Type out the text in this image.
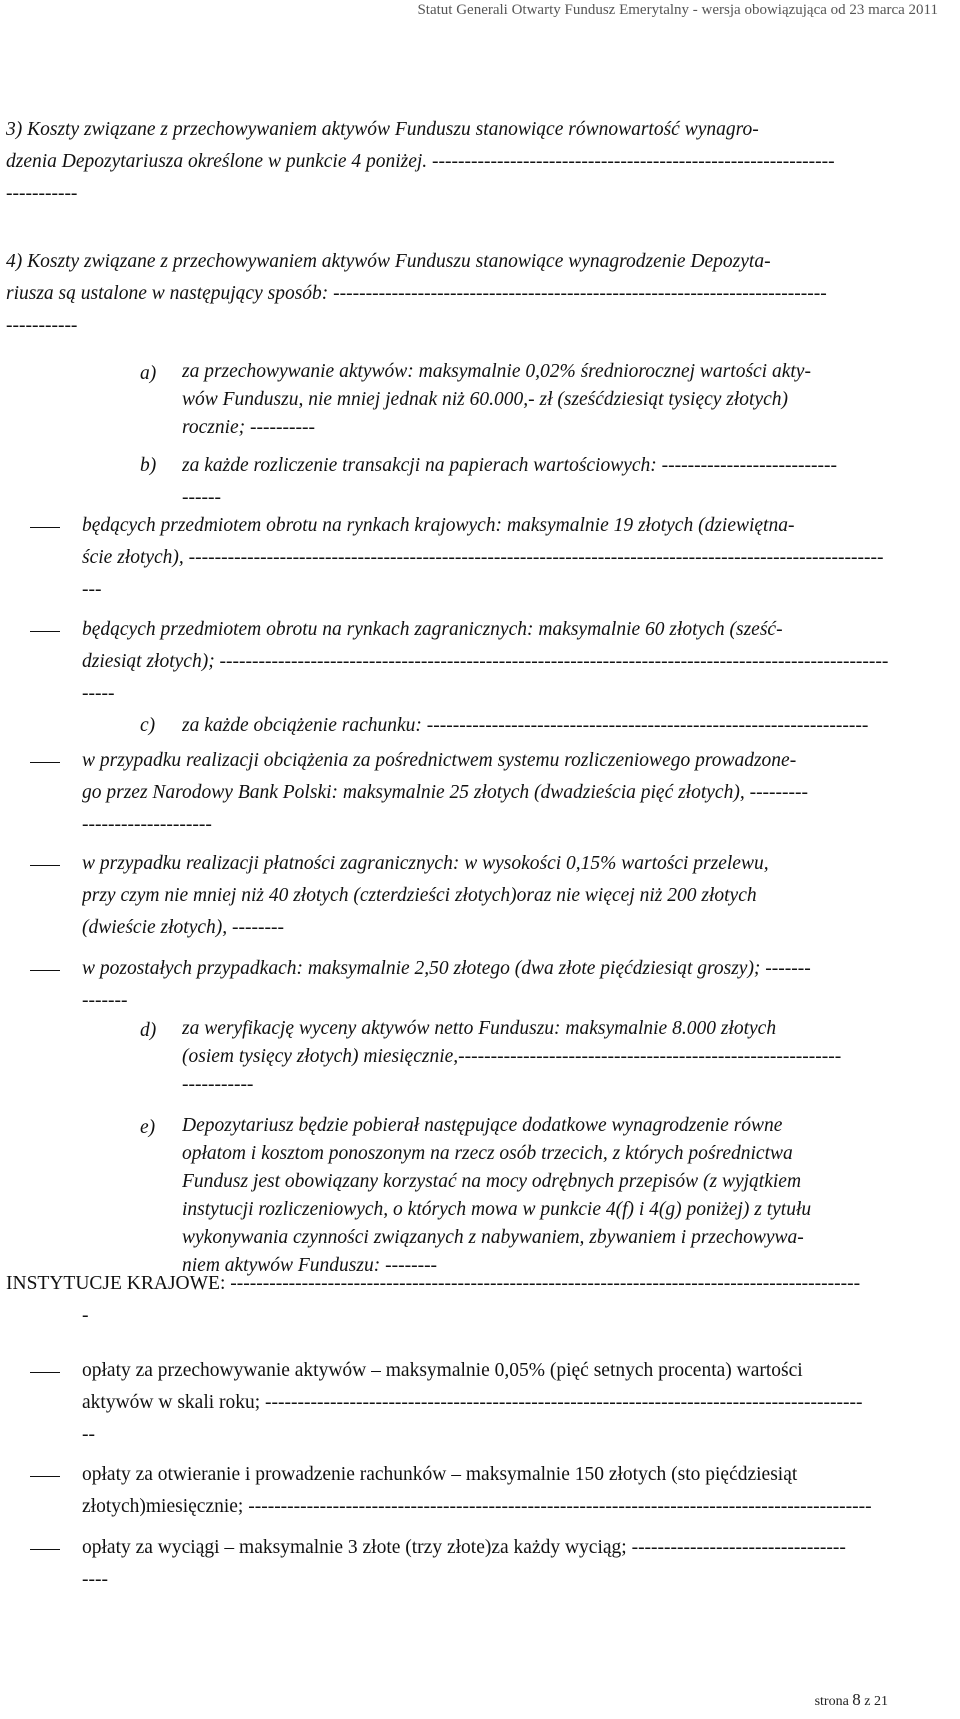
Statut Generali Otwarty Fundusz Emerytalny - wersja obowiązująca od 23 marca 2011
3) Koszty związane z przechowywaniem aktywów Funduszu stanowiące równowartość wynagro-
dzenia Depozytariusza określone w punkcie 4 poniżej. --------------------------------------------------------------
-----------
4) Koszty związane z przechowywaniem aktywów Funduszu stanowiące wynagrodzenie Depozyta-
riusza są ustalone w następujący sposób: ----------------------------------------------------------------------------
-----------
a) za przechowywanie aktywów: maksymalnie 0,02% średniorocznej wartości akty-
wów Funduszu, nie mniej jednak niż 60.000,- zł (sześćdziesiąt tysięcy złotych)
rocznie; ----------
b) za każde rozliczenie transakcji na papierach wartościowych: ---------------------------
------
będących przedmiotem obrotu na rynkach krajowych: maksymalnie 19 złotych (dziewiętna-
ście złotych), -----------------------------------------------------------------------------------------------------------
---
będących przedmiotem obrotu na rynkach zagranicznych: maksymalnie 60 złotych (sześć-
dziesiąt złotych); -------------------------------------------------------------------------------------------------------
-----
c) za każde obciążenie rachunku: --------------------------------------------------------------------
w przypadku realizacji obciążenia za pośrednictwem systemu rozliczeniowego prowadzone-
go przez Narodowy Bank Polski: maksymalnie 25 złotych (dwadzieścia pięć złotych), ---------
--------------------
w przypadku realizacji płatności zagranicznych: w wysokości 0,15% wartości przelewu,
przy czym nie mniej niż 40 złotych (czterdzieści złotych)oraz nie więcej niż 200 złotych
(dwieście złotych), --------
w pozostałych przypadkach: maksymalnie 2,50 złotego (dwa złote pięćdziesiąt groszy); -------
-------
d) za weryfikację wyceny aktywów netto Funduszu: maksymalnie 8.000 złotych
(osiem tysięcy złotych) miesięcznie,-----------------------------------------------------------
-----------
e) Depozytariusz będzie pobierał następujące dodatkowe wynagrodzenie równe
opłatom i kosztom ponoszonym na rzecz osób trzecich, z których pośrednictwa
Fundusz jest obowiązany korzystać na mocy odrębnych przepisów (z wyjątkiem
instytucji rozliczeniowych, o których mowa w punkcie 4(f) i 4(g) poniżej) z tytułu
wykonywania czynności związanych z nabywaniem, zbywaniem i przechowywa-
niem aktywów Funduszu: --------
INSTYTUCJE KRAJOWE: -------------------------------------------------------------------------------------------------
-
opłaty za przechowywanie aktywów – maksymalnie 0,05% (pięć setnych procenta) wartości
aktywów w skali roku; --------------------------------------------------------------------------------------------
--
opłaty za otwieranie i prowadzenie rachunków – maksymalnie 150 złotych (sto pięćdziesiąt
złotych)miesięcznie; ------------------------------------------------------------------------------------------------
opłaty za wyciągi – maksymalnie 3 złote (trzy złote)za każdy wyciąg; ---------------------------------
----
strona 8 z 21
